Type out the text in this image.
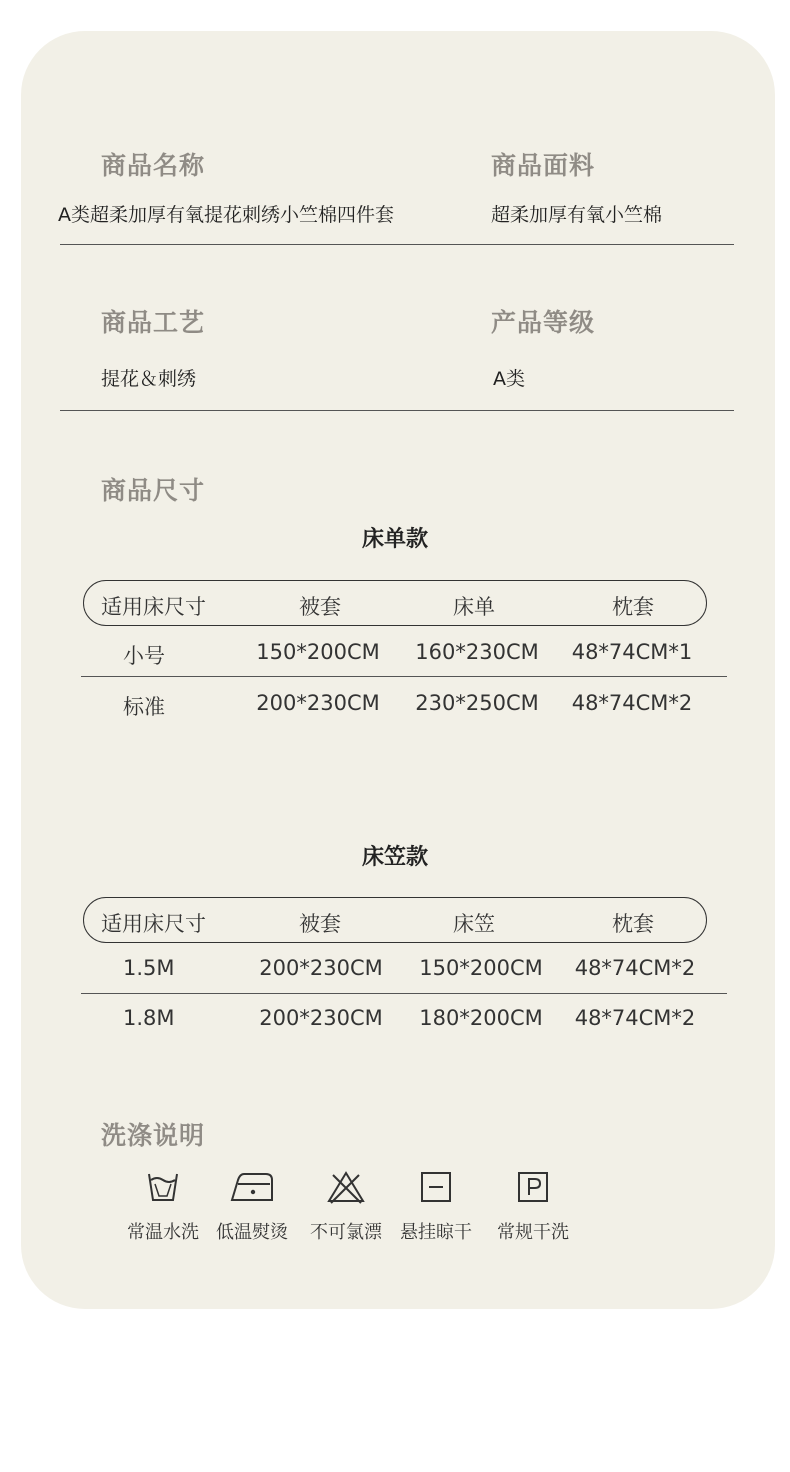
商品名称
A类超柔加厚有氧提花刺绣小竺棉四件套
商品面料
超柔加厚有氧小竺棉
商品工艺
提花＆刺绣
产品等级
A类
商品尺寸
床单款
适用床尺寸	被套	床单	枕套
小号	150*200CM 160*230CM 48*74CM*1
标准	200*230CM 230*250CM 48*74CM*2
床笠款
适用床尺寸	被套	床笠	枕套
1.5M	200*230CM 150*200CM 48*74CM*2
1.8M	200*230CM 180*200CM 48*74CM*2
洗涤说明
常温水洗 低温熨烫	不可氯漂	悬挂晾干	常规干洗
